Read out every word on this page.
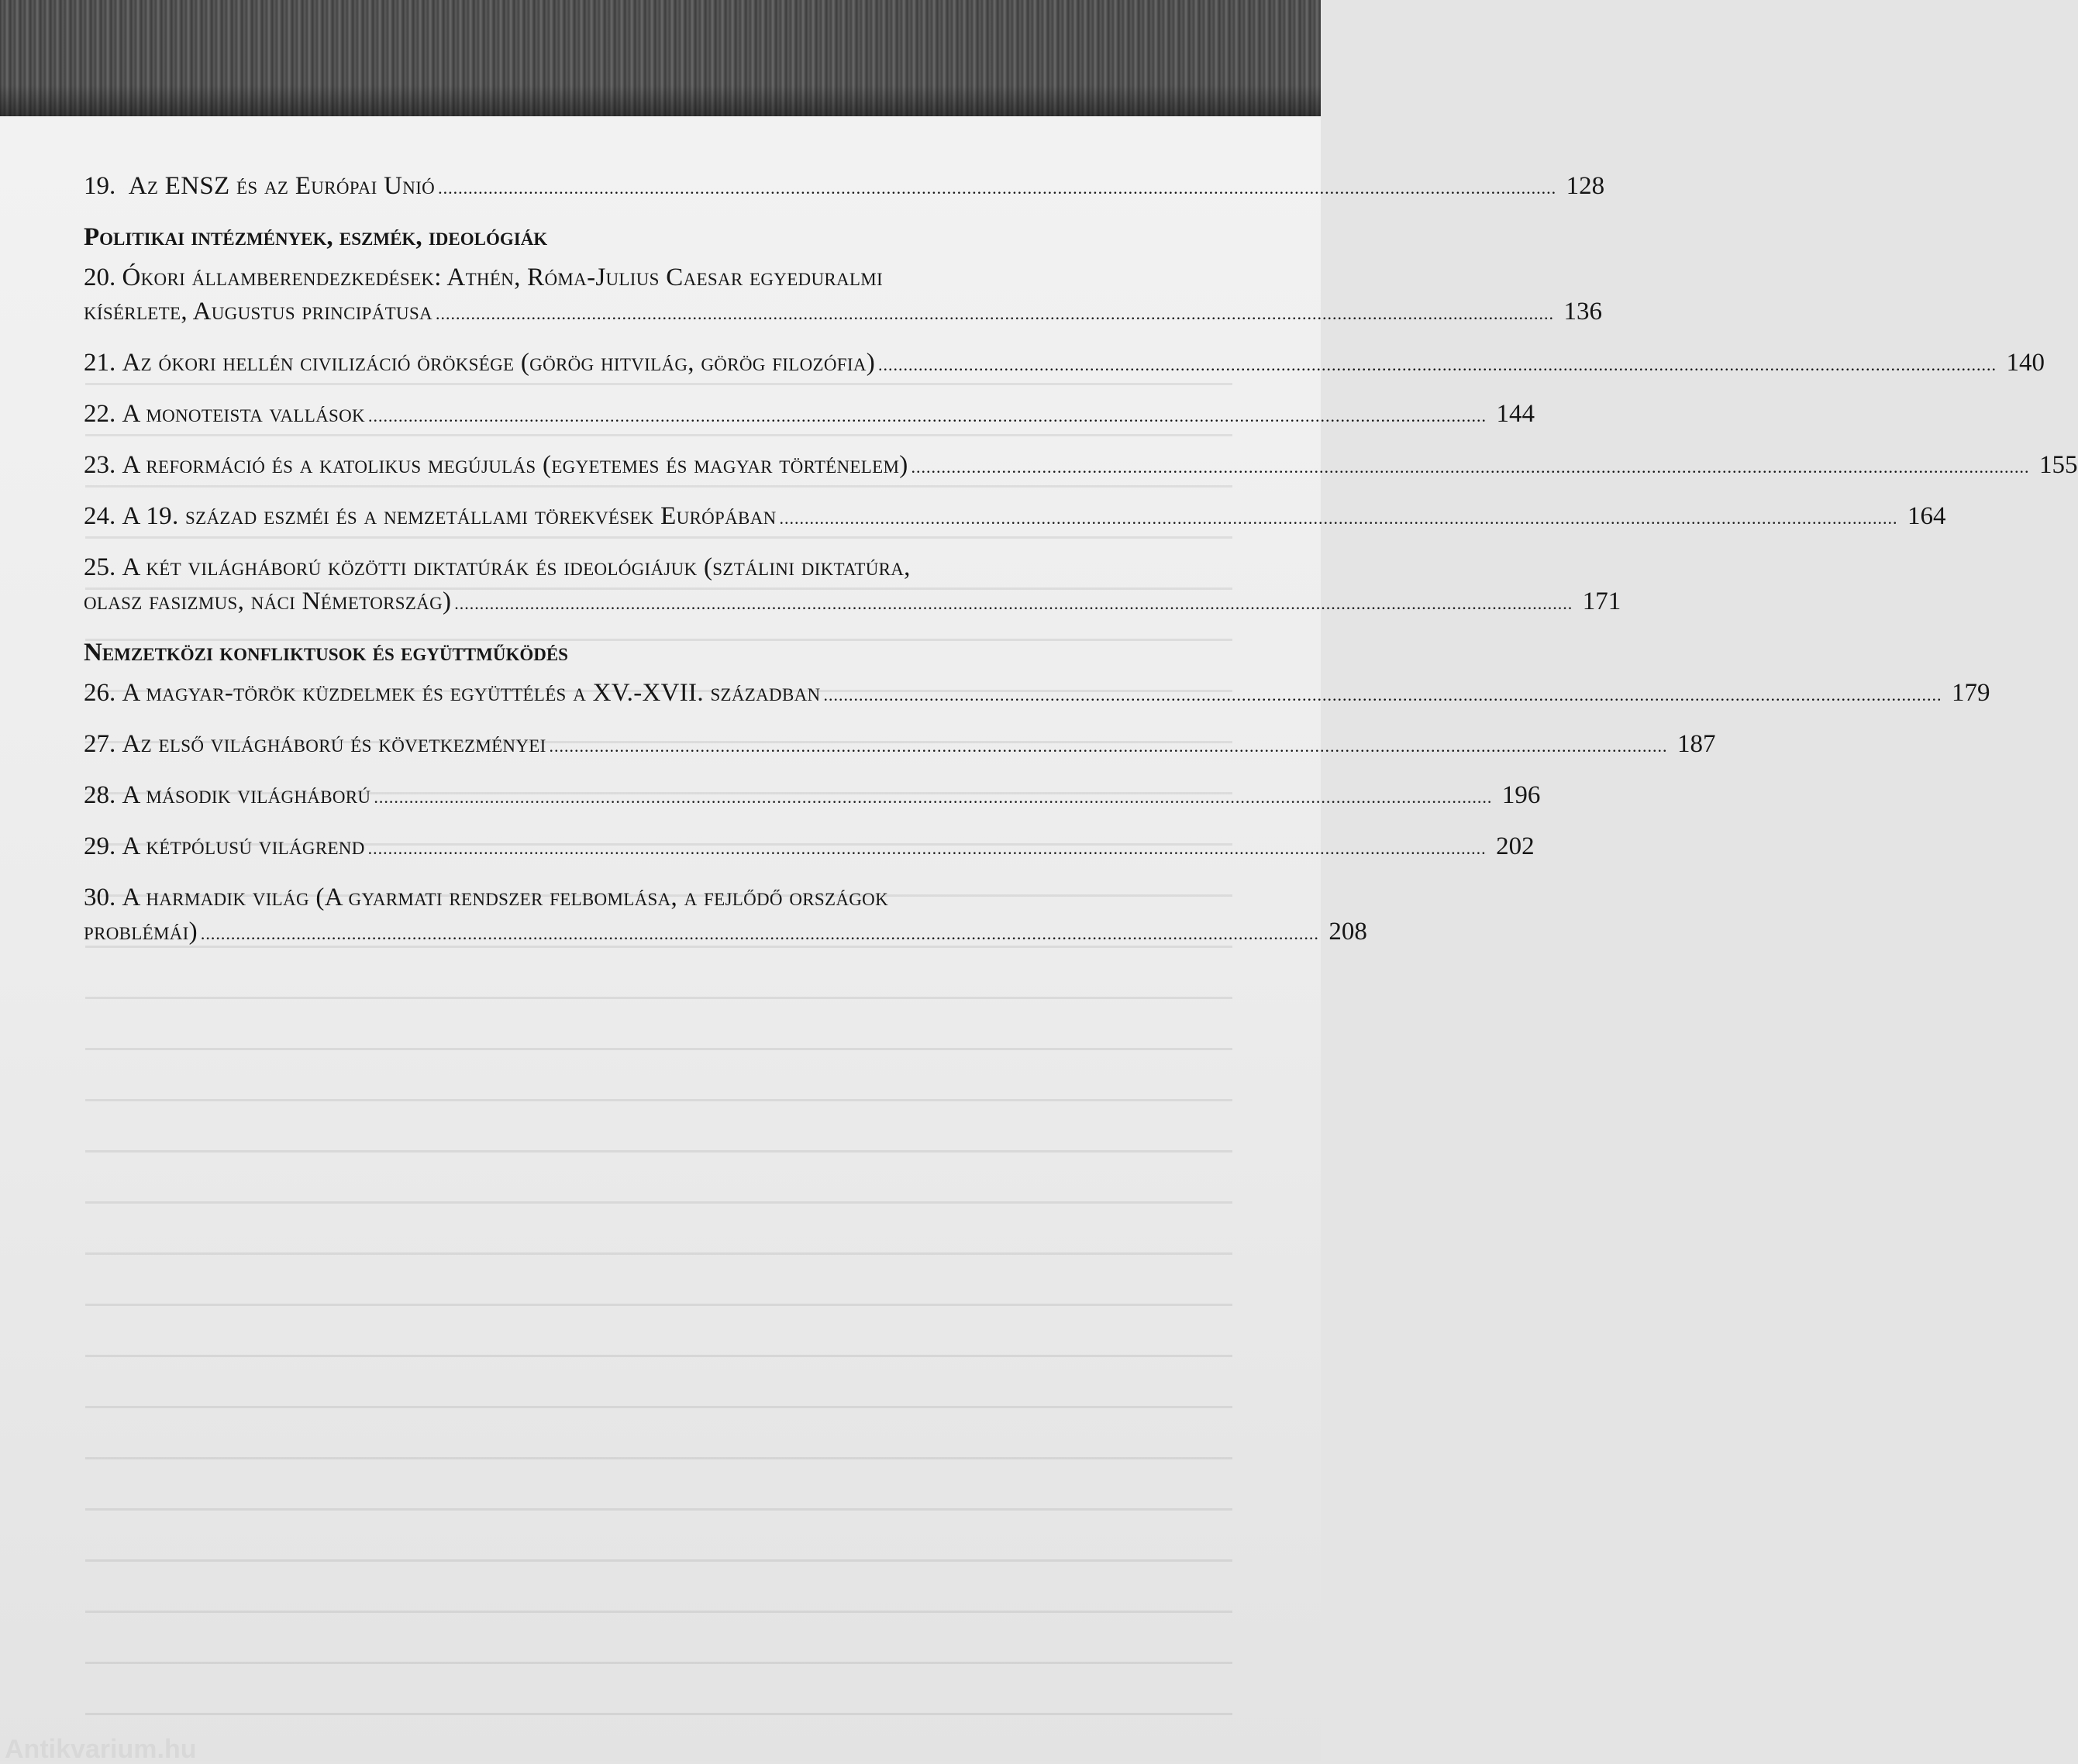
19. Az ENSZ és az Európai Unió .............................................................................................................................................................................................................................. 128
Politikai intézmények, eszmék, ideológiák
20. Ókori államberendezkedések: Athén, Róma-Julius Caesar egyeduralmi
kísérlete, Augustus principátusa .............................................................................................................................................................................................................................. 136
21. Az ókori hellén civilizáció öröksége (görög hitvilág, görög filozófia) .............................................................................................................................................................................................................................. 140
22. A monoteista vallások .............................................................................................................................................................................................................................. 144
23. A reformáció és a katolikus megújulás (egyetemes és magyar történelem) .............................................................................................................................................................................................................................. 155
24. A 19. század eszméi és a nemzetállami törekvések Európában .............................................................................................................................................................................................................................. 164
25. A két világháború közötti diktatúrák és ideológiájuk (sztálini diktatúra,
olasz fasizmus, náci Németország) .............................................................................................................................................................................................................................. 171
Nemzetközi konfliktusok és együttműködés
26. A magyar-török küzdelmek és együttélés a XV.-XVII. században .............................................................................................................................................................................................................................. 179
27. Az első világháború és következményei .............................................................................................................................................................................................................................. 187
28. A második világháború .............................................................................................................................................................................................................................. 196
29. A kétpólusú világrend .............................................................................................................................................................................................................................. 202
30. A harmadik világ (A gyarmati rendszer felbomlása, a fejlődő országok
problémái) .............................................................................................................................................................................................................................. 208
Antikvarium.hu
